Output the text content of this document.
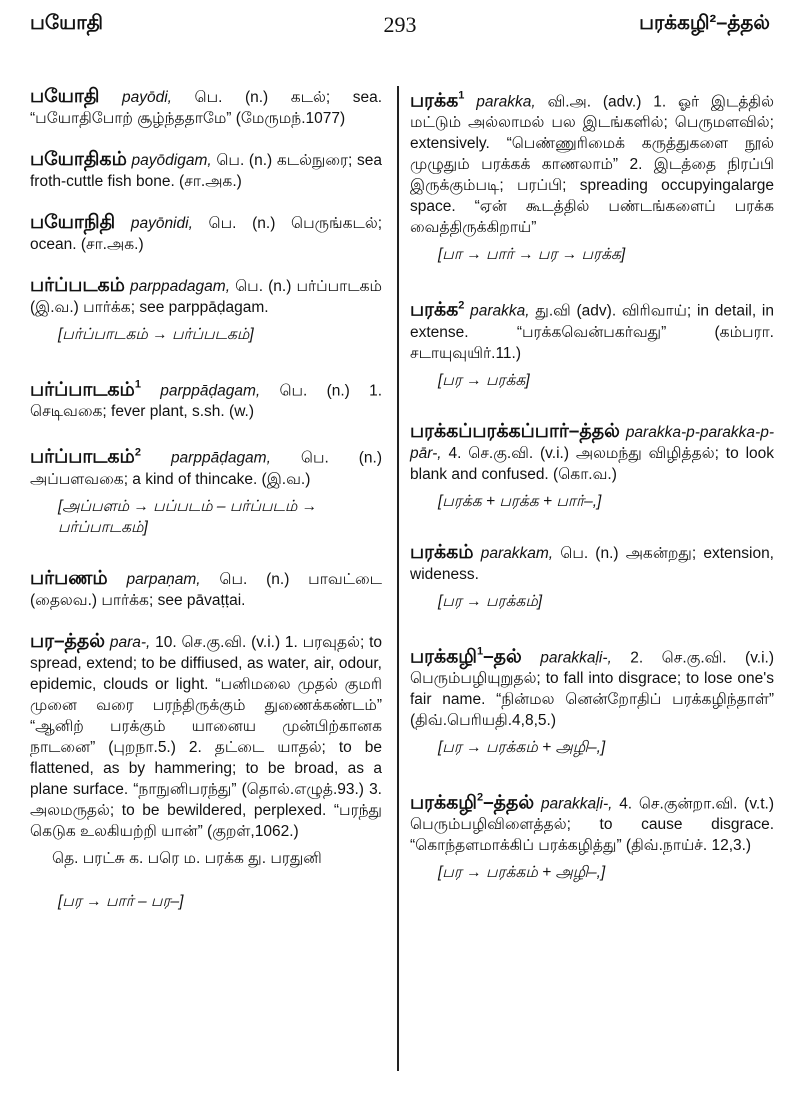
பயோதி	293	பரக்கழி²–த்தல்

பயோதி payōdi, பெ. (n.) கடல்; sea. “பயோதிபோற் சூழ்ந்ததாமே” (மேருமந்.1077)

பயோதிகம் payōdigam, பெ. (n.) கடல்நுரை; sea froth-cuttle fish bone. (சா.அக.)

பயோநிதி payōnidi, பெ. (n.) பெருங்கடல்; ocean. (சா.அக.)

பர்ப்படகம் parppadagam, பெ. (n.) பர்ப்பாடகம் (இ.வ.) பார்க்க; see parppāḍagam.

[பர்ப்பாடகம் → பர்ப்படகம்]

பர்ப்பாடகம்$^1$ parppāḍagam, பெ. (n.) 1. செடிவகை; fever plant, s.sh. (w.)

பர்ப்பாடகம்$^2$ parppāḍagam, பெ. (n.) அப்பளவகை; a kind of thincake. (இ.வ.)

[அப்பளம் → பப்படம் – பர்ப்படம் → பர்ப்பாடகம்]

பர்பணம் parpaṇam, பெ. (n.) பாவட்டை (தைலவ.) பார்க்க; see pāvaṭṭai.

பர–த்தல் para-, 10. செ.கு.வி. (v.i.) 1. பரவுதல்; to spread, extend; to be diffiused, as water, air, odour, epidemic, clouds or light. “பனிமலை முதல் குமரி முனை வரை பரந்திருக்கும் துணைக்கண்டம்” “ஆனிற் பரக்கும் யானைய முன்பிற்கானக நாடனை” (புறநா.5.) 2. தட்டை யாதல்; to be flattened, as by hammering; to be broad, as a plane surface. “நாநுனிபரந்து” (தொல்.எழுத்.93.) 3. அலமருதல்; to be bewildered, perplexed. “பரந்து கெடுக உலகியற்றி யான்” (குறள்,1062.)

தெ. பரட்சு க. பரெ ம. பரக்க து. பரதுனி
[பர → பார் – பர–]

பரக்க$^1$ parakka, வி.அ. (adv.) 1. ஓர் இடத்தில் மட்டும் அல்லாமல் பல இடங்களில்; பெருமளவில்; extensively. “பெண்ணுரிமைக் கருத்துகளை நூல் முழுதும் பரக்கக் காணலாம்” 2. இடத்தை நிரப்பி இருக்கும்படி; பரப்பி; spreading occupyingalarge space. “ஏன் கூடத்தில் பண்டங்களைப் பரக்க வைத்திருக்கிறாய்”

[பா → பார் → பர → பரக்க]

பரக்க$^2$ parakka, து.வி (adv). விரிவாய்; in detail, in extense. “பரக்கவென்பகர்வது” (கம்பரா. சடாயுவுயிர்.11.)

[பர → பரக்க]

பரக்கப்பரக்கப்பார்–த்தல் parakka-p-parakka-p-pār-, 4. செ.கு.வி. (v.i.) அலமந்து விழித்தல்; to look blank and confused. (கொ.வ.)

[பரக்க + பரக்க + பார்–,]

பரக்கம் parakkam, பெ. (n.) அகன்றது; extension, wideness.

[பர → பரக்கம்]

பரக்கழி$^1$–தல் parakkaḷi-, 2. செ.கு.வி. (v.i.) பெரும்பழியுறுதல்; to fall into disgrace; to lose one's fair name. “நின்மல னென்றோதிப் பரக்கழிந்தாள்” (திவ்.பெரியதி.4,8,5.)

[பர → பரக்கம் + அழி–,]

பரக்கழி$^2$–த்தல் parakkaḷi-, 4. செ.குன்றா.வி. (v.t.) பெரும்பழிவிளைத்தல்; to cause disgrace. “கொந்தளமாக்கிப் பரக்கழித்து” (திவ்.நாய்ச். 12,3.)

[பர → பரக்கம் + அழி–,]
